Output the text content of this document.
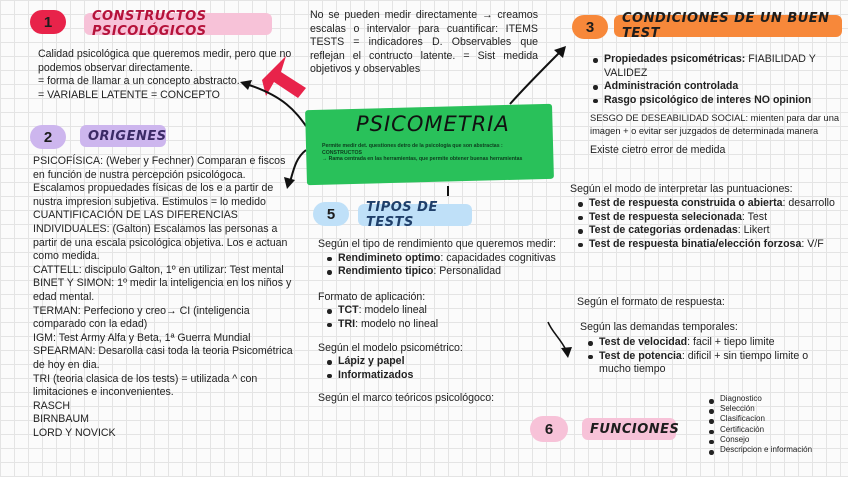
1	CONSTRUCTOS PSICOLÓGICOS

Calidad psicológica que queremos medir, pero que no podemos observar directamente.

= forma de llamar a un concepto abstracto.

= VARIABLE LATENTE = CONCEPTO

No se pueden medir directamente → creamos escalas o intervalor para cuantificar: ITEMS TESTS = indicadores D. Observables que reflejan el contructo latente. = Sist medida objetivos y observables
2	ORIGENES

PSICOFÍSICA: (Weber y Fechner) Comparan e fiscos en función de nustra percepción psicológoca.

Escalamos propuedades físicas de los e a partir de nustra impresion subjetiva. Estimulos = lo medido

CUANTIFICACIÓN DE LAS DIFERENCIAS INDIVIDUALES: (Galton) Escalamos las personas a partir de una escala psicológica objetiva. Los e actuan como medida.

CATTELL: discipulo Galton, 1º en utilizar: Test mental

BINET Y SIMON: 1º medir la inteligencia en los niños y edad mental.

TERMAN: Perfeciono y creo→ CI (inteligencia comparado con la edad)

IGM: Test Army Alfa y Beta, 1ª Guerra Mundial

SPEARMAN: Desarolla casi toda la teoria Psicométrica de hoy en dia.

TRI (teoria clasica de los tests) = utilizada ^ con limitaciones e inconvenientes.

RASCH

BIRNBAUM

LORD Y NOVICK

PSICOMETRIA
Permite medir det. questiones detro de la psicología que son abstractas : CONSTRUCTOS
→ Rama centrada en las herramientas, que permite obtener buenas herramientas
3	CONDICIONES DE UN BUEN TEST
Propiedades psicométricas: FIABILIDAD Y VALIDEZ
Administración controlada
Rasgo psicológico de interes NO opinion
SESGO DE DESEABILIDAD SOCIAL: mienten para dar una imagen + o evitar ser juzgados de determinada manera
Existe cietro error de medida
Según el modo de interpretar las puntuaciones:
Test de respuesta construida o abierta: desarrollo
Test de respuesta selecionada: Test
Test de categorias ordenadas: Likert
Test de respuesta binatia/elección forzosa: V/F
Según el formato de respuesta:
Según las demandas temporales:
Test de velocidad: facil + tiepo limite
Test de potencia: dificil + sin tiempo limite o mucho tiempo
5	TIPOS DE TESTS

Según el tipo de rendimiento que queremos medir:

Rendimineto optimo: capacidades cognitivas
Rendimiento tipico: Personalidad

Formato de aplicación:

TCT: modelo lineal
TRI: modelo no lineal

Según el modelo psicométrico:

Lápiz y papel
Informatizados

Según el marco teóricos psicológoco:

6	FUNCIONES
Diagnostico
Selección
Clasificacion
Certificación
Consejo
Descripcion e información
